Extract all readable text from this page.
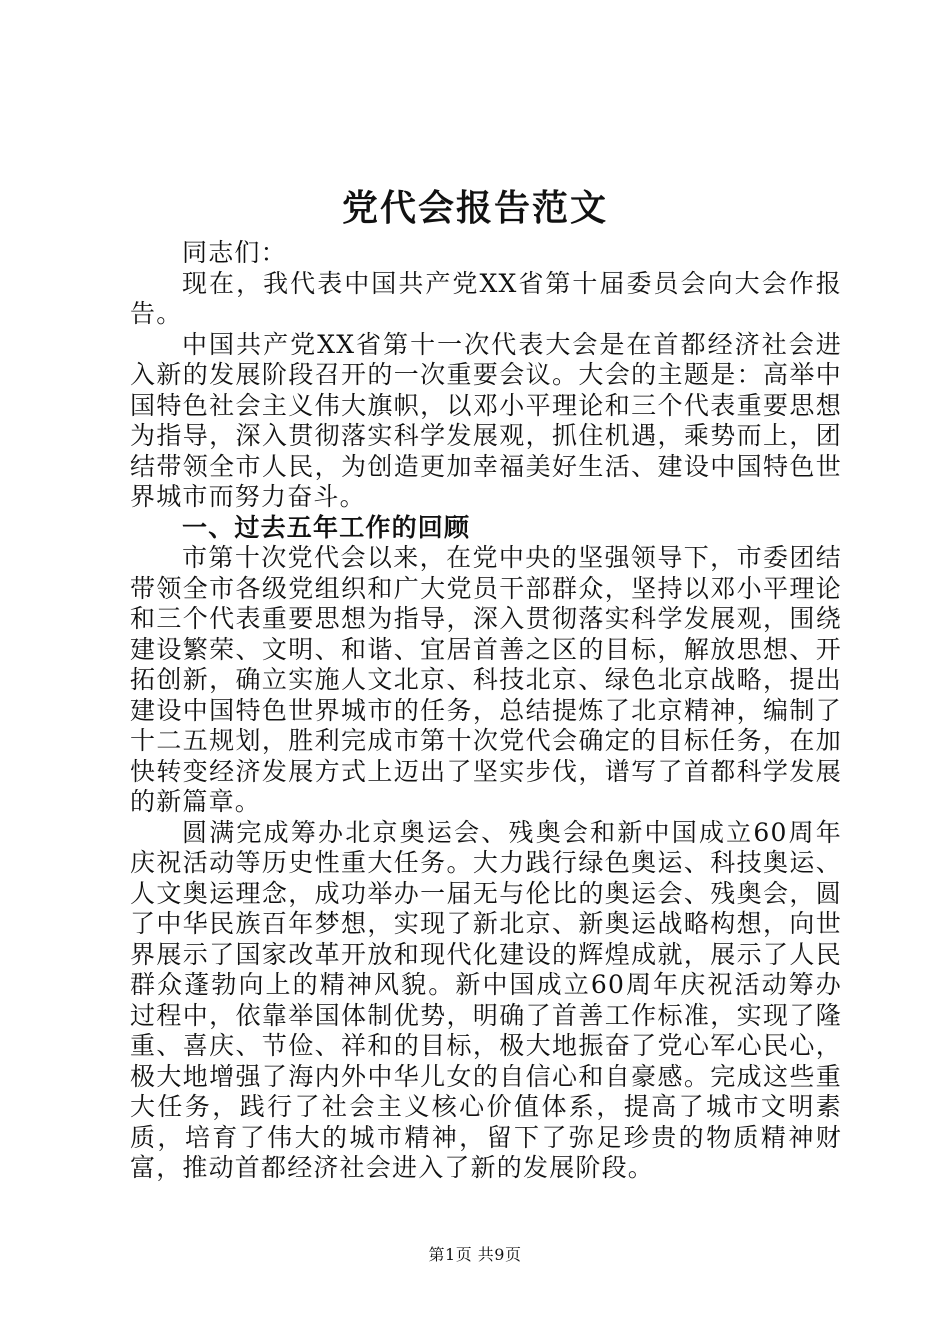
党代会报告范文

同志们：

现在，我代表中国共产党XX省第十届委员会向大会作报告。

中国共产党XX省第十一次代表大会是在首都经济社会进入新的发展阶段召开的一次重要会议。大会的主题是：高举中国特色社会主义伟大旗帜，以邓小平理论和三个代表重要思想为指导，深入贯彻落实科学发展观，抓住机遇，乘势而上，团结带领全市人民，为创造更加幸福美好生活、建设中国特色世界城市而努力奋斗。

一、过去五年工作的回顾

市第十次党代会以来，在党中央的坚强领导下，市委团结带领全市各级党组织和广大党员干部群众，坚持以邓小平理论和三个代表重要思想为指导，深入贯彻落实科学发展观，围绕建设繁荣、文明、和谐、宜居首善之区的目标，解放思想、开拓创新，确立实施人文北京、科技北京、绿色北京战略，提出建设中国特色世界城市的任务，总结提炼了北京精神，编制了十二五规划，胜利完成市第十次党代会确定的目标任务，在加快转变经济发展方式上迈出了坚实步伐，谱写了首都科学发展的新篇章。

圆满完成筹办北京奥运会、残奥会和新中国成立60周年庆祝活动等历史性重大任务。大力践行绿色奥运、科技奥运、人文奥运理念，成功举办一届无与伦比的奥运会、残奥会，圆了中华民族百年梦想，实现了新北京、新奥运战略构想，向世界展示了国家改革开放和现代化建设的辉煌成就，展示了人民群众蓬勃向上的精神风貌。新中国成立60周年庆祝活动筹办过程中，依靠举国体制优势，明确了首善工作标准，实现了隆重、喜庆、节俭、祥和的目标，极大地振奋了党心军心民心，极大地增强了海内外中华儿女的自信心和自豪感。完成这些重大任务，践行了社会主义核心价值体系，提高了城市文明素质，培育了伟大的城市精神，留下了弥足珍贵的物质精神财富，推动首都经济社会进入了新的发展阶段。

第1页 共9页
